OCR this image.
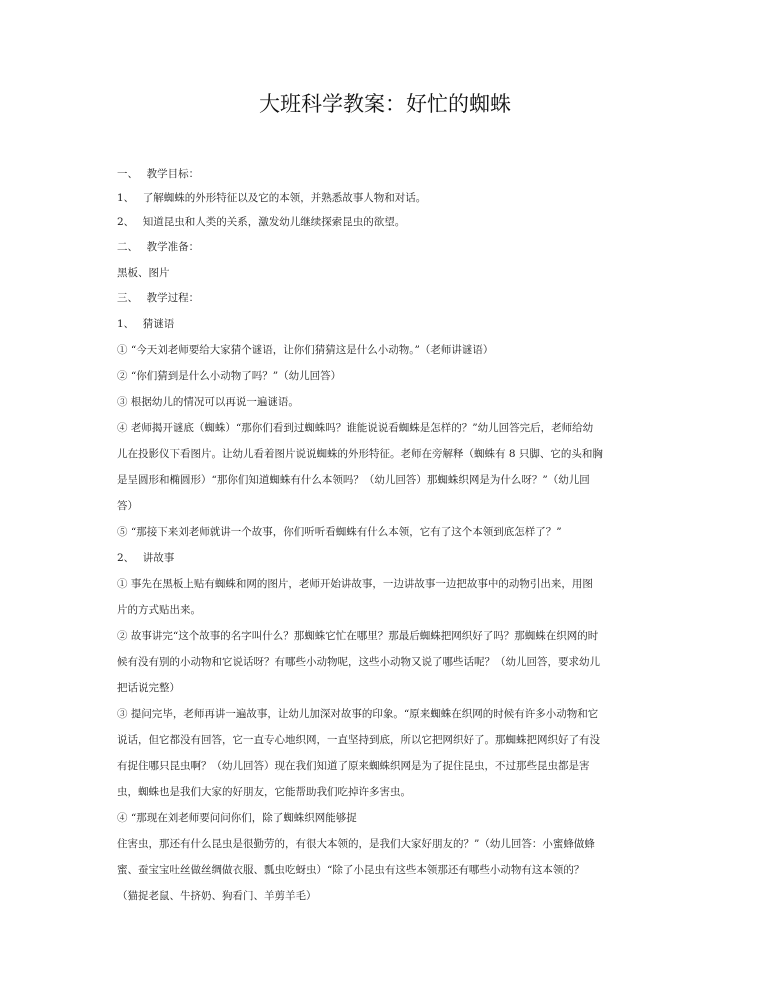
大班科学教案：好忙的蜘蛛
一、　 教学目标：
1、　 了解蜘蛛的外形特征以及它的本领，并熟悉故事人物和对话。
2、　 知道昆虫和人类的关系，激发幼儿继续探索昆虫的欲望。
二、　 教学准备：
黑板、图片
三、　 教学过程：
1、　 猜谜语
① “今天刘老师要给大家猜个谜语，让你们猜猜这是什么小动物。”（老师讲谜语）
② “你们猜到是什么小动物了吗？”（幼儿回答）
③ 根据幼儿的情况可以再说一遍谜语。
④ 老师揭开谜底（蜘蛛）“那你们看到过蜘蛛吗？谁能说说看蜘蛛是怎样的？”幼儿回答完后，老师给幼
儿在投影仪下看图片。让幼儿看着图片说说蜘蛛的外形特征。老师在旁解释（蜘蛛有 8 只脚、它的头和胸
是呈圆形和椭圆形）“那你们知道蜘蛛有什么本领吗？（幼儿回答）那蜘蛛织网是为什么呀？”（幼儿回
答）
⑤ “那接下来刘老师就讲一个故事，你们听听看蜘蛛有什么本领，它有了这个本领到底怎样了？”
2、　 讲故事
① 事先在黑板上贴有蜘蛛和网的图片，老师开始讲故事，一边讲故事一边把故事中的动物引出来，用图
片的方式贴出来。
② 故事讲完“这个故事的名字叫什么？那蜘蛛它忙在哪里？那最后蜘蛛把网织好了吗？那蜘蛛在织网的时
候有没有别的小动物和它说话呀？有哪些小动物呢，这些小动物又说了哪些话呢？（幼儿回答，要求幼儿
把话说完整）
③ 提问完毕，老师再讲一遍故事，让幼儿加深对故事的印象。“原来蜘蛛在织网的时候有许多小动物和它
说话，但它都没有回答，它一直专心地织网，一直坚持到底，所以它把网织好了。那蜘蛛把网织好了有没
有捉住哪只昆虫啊？（幼儿回答）现在我们知道了原来蜘蛛织网是为了捉住昆虫，不过那些昆虫都是害
虫，蜘蛛也是我们大家的好朋友，它能帮助我们吃掉许多害虫。
④ “那现在刘老师要问问你们，除了蜘蛛织网能够捉
住害虫，那还有什么昆虫是很勤劳的，有很大本领的，是我们大家好朋友的？”（幼儿回答：小蜜蜂做蜂
蜜、蚕宝宝吐丝做丝绸做衣服、瓢虫吃蚜虫）“除了小昆虫有这些本领那还有哪些小动物有这本领的？
（猫捉老鼠、牛挤奶、狗看门、羊剪羊毛）
